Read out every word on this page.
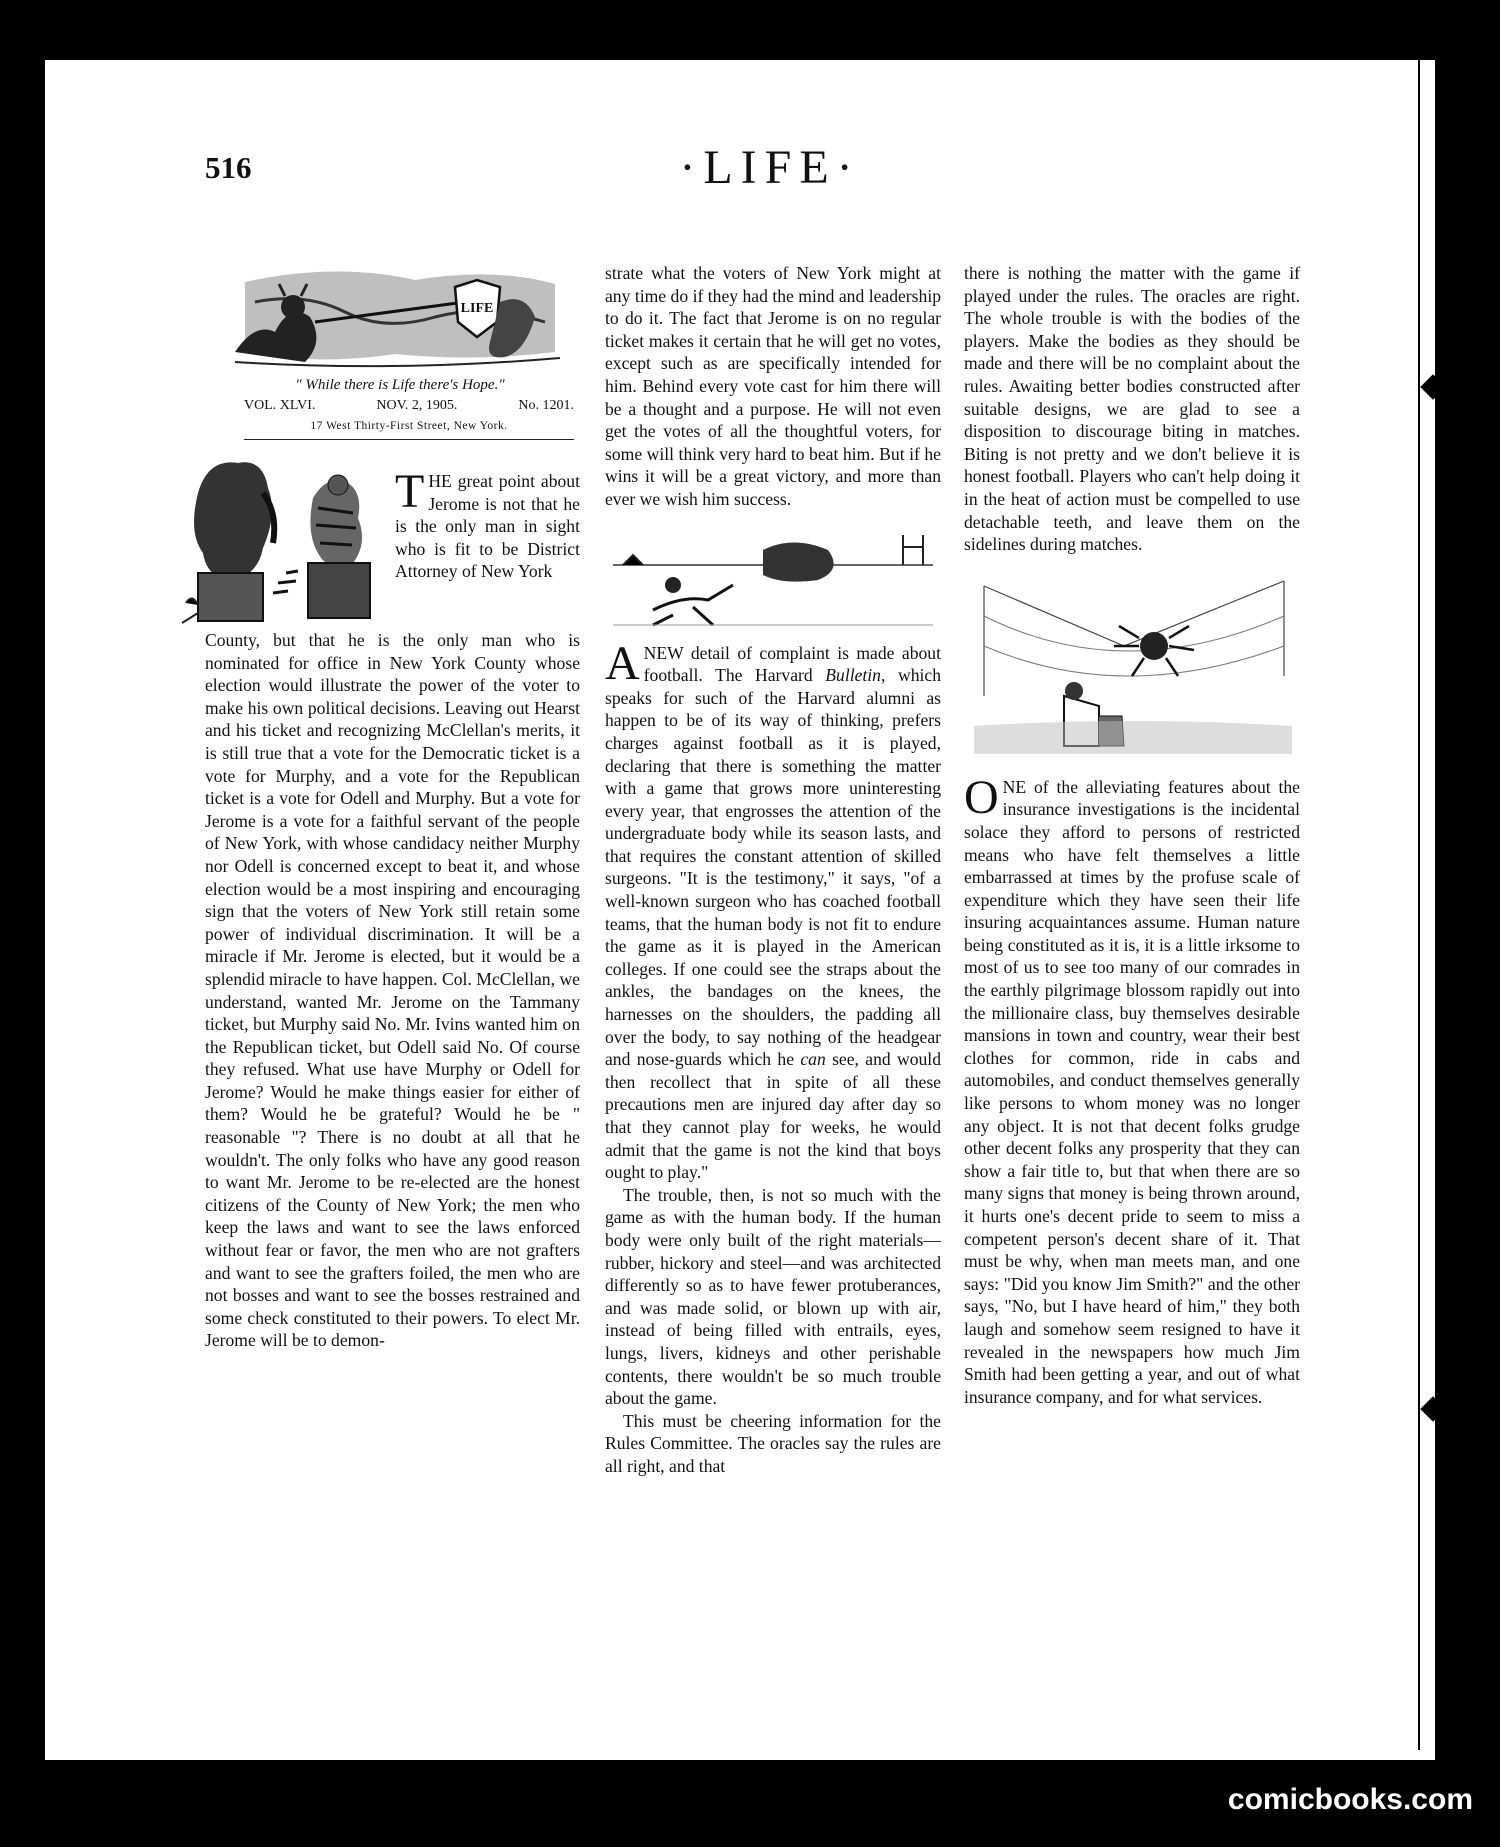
516	·LIFE·
LIFE
" While there is Life there's Hope."
VOL. XLVI.	NOV. 2, 1905.	No. 1201.
17 West Thirty-First Street, New York.
THE great point about Jerome is not that he is the only man in sight who is fit to be District Attorney of New York

County, but that he is the only man who is nominated for office in New York County whose election would illustrate the power of the voter to make his own political decisions. Leaving out Hearst and his ticket and recognizing McClellan's merits, it is still true that a vote for the Democratic ticket is a vote for Murphy, and a vote for the Republican ticket is a vote for Odell and Murphy. But a vote for Jerome is a vote for a faithful servant of the people of New York, with whose candidacy neither Murphy nor Odell is concerned except to beat it, and whose election would be a most inspiring and encouraging sign that the voters of New York still retain some power of individual discrimination. It will be a miracle if Mr. Jerome is elected, but it would be a splendid miracle to have happen. Col. McClellan, we understand, wanted Mr. Jerome on the Tammany ticket, but Murphy said No. Mr. Ivins wanted him on the Republican ticket, but Odell said No. Of course they refused. What use have Murphy or Odell for Jerome? Would he make things easier for either of them? Would he be grateful? Would he be " reasonable "? There is no doubt at all that he wouldn't. The only folks who have any good reason to want Mr. Jerome to be re-elected are the honest citizens of the County of New York; the men who keep the laws and want to see the laws enforced without fear or favor, the men who are not grafters and want to see the grafters foiled, the men who are not bosses and want to see the bosses restrained and some check constituted to their powers. To elect Mr. Jerome will be to demon-

strate what the voters of New York might at any time do if they had the mind and leadership to do it. The fact that Jerome is on no regular ticket makes it certain that he will get no votes, except such as are specifically intended for him. Behind every vote cast for him there will be a thought and a purpose. He will not even get the votes of all the thoughtful voters, for some will think very hard to beat him. But if he wins it will be a great victory, and more than ever we wish him success.

ANEW detail of complaint is made about football. The Harvard Bulletin, which speaks for such of the Harvard alumni as happen to be of its way of thinking, prefers charges against football as it is played, declaring that there is something the matter with a game that grows more uninteresting every year, that engrosses the attention of the undergraduate body while its season lasts, and that requires the constant attention of skilled surgeons. "It is the testimony," it says, "of a well-known surgeon who has coached football teams, that the human body is not fit to endure the game as it is played in the American colleges. If one could see the straps about the ankles, the bandages on the knees, the harnesses on the shoulders, the padding all over the body, to say nothing of the headgear and nose-guards which he can see, and would then recollect that in spite of all these precautions men are injured day after day so that they cannot play for weeks, he would admit that the game is not the kind that boys ought to play."

The trouble, then, is not so much with the game as with the human body. If the human body were only built of the right materials—rubber, hickory and steel—and was architected differently so as to have fewer protuberances, and was made solid, or blown up with air, instead of being filled with entrails, eyes, lungs, livers, kidneys and other perishable contents, there wouldn't be so much trouble about the game.

This must be cheering information for the Rules Committee. The oracles say the rules are all right, and that

there is nothing the matter with the game if played under the rules. The oracles are right. The whole trouble is with the bodies of the players. Make the bodies as they should be made and there will be no complaint about the rules. Awaiting better bodies constructed after suitable designs, we are glad to see a disposition to discourage biting in matches. Biting is not pretty and we don't believe it is honest football. Players who can't help doing it in the heat of action must be compelled to use detachable teeth, and leave them on the sidelines during matches.

ONE of the alleviating features about the insurance investigations is the incidental solace they afford to persons of restricted means who have felt themselves a little embarrassed at times by the profuse scale of expenditure which they have seen their life insuring acquaintances assume. Human nature being constituted as it is, it is a little irksome to most of us to see too many of our comrades in the earthly pilgrimage blossom rapidly out into the millionaire class, buy themselves desirable mansions in town and country, wear their best clothes for common, ride in cabs and automobiles, and conduct themselves generally like persons to whom money was no longer any object. It is not that decent folks grudge other decent folks any prosperity that they can show a fair title to, but that when there are so many signs that money is being thrown around, it hurts one's decent pride to seem to miss a competent person's decent share of it. That must be why, when man meets man, and one says: "Did you know Jim Smith?" and the other says, "No, but I have heard of him," they both laugh and somehow seem resigned to have it revealed in the newspapers how much Jim Smith had been getting a year, and out of what insurance company, and for what services.

comicbooks.com
